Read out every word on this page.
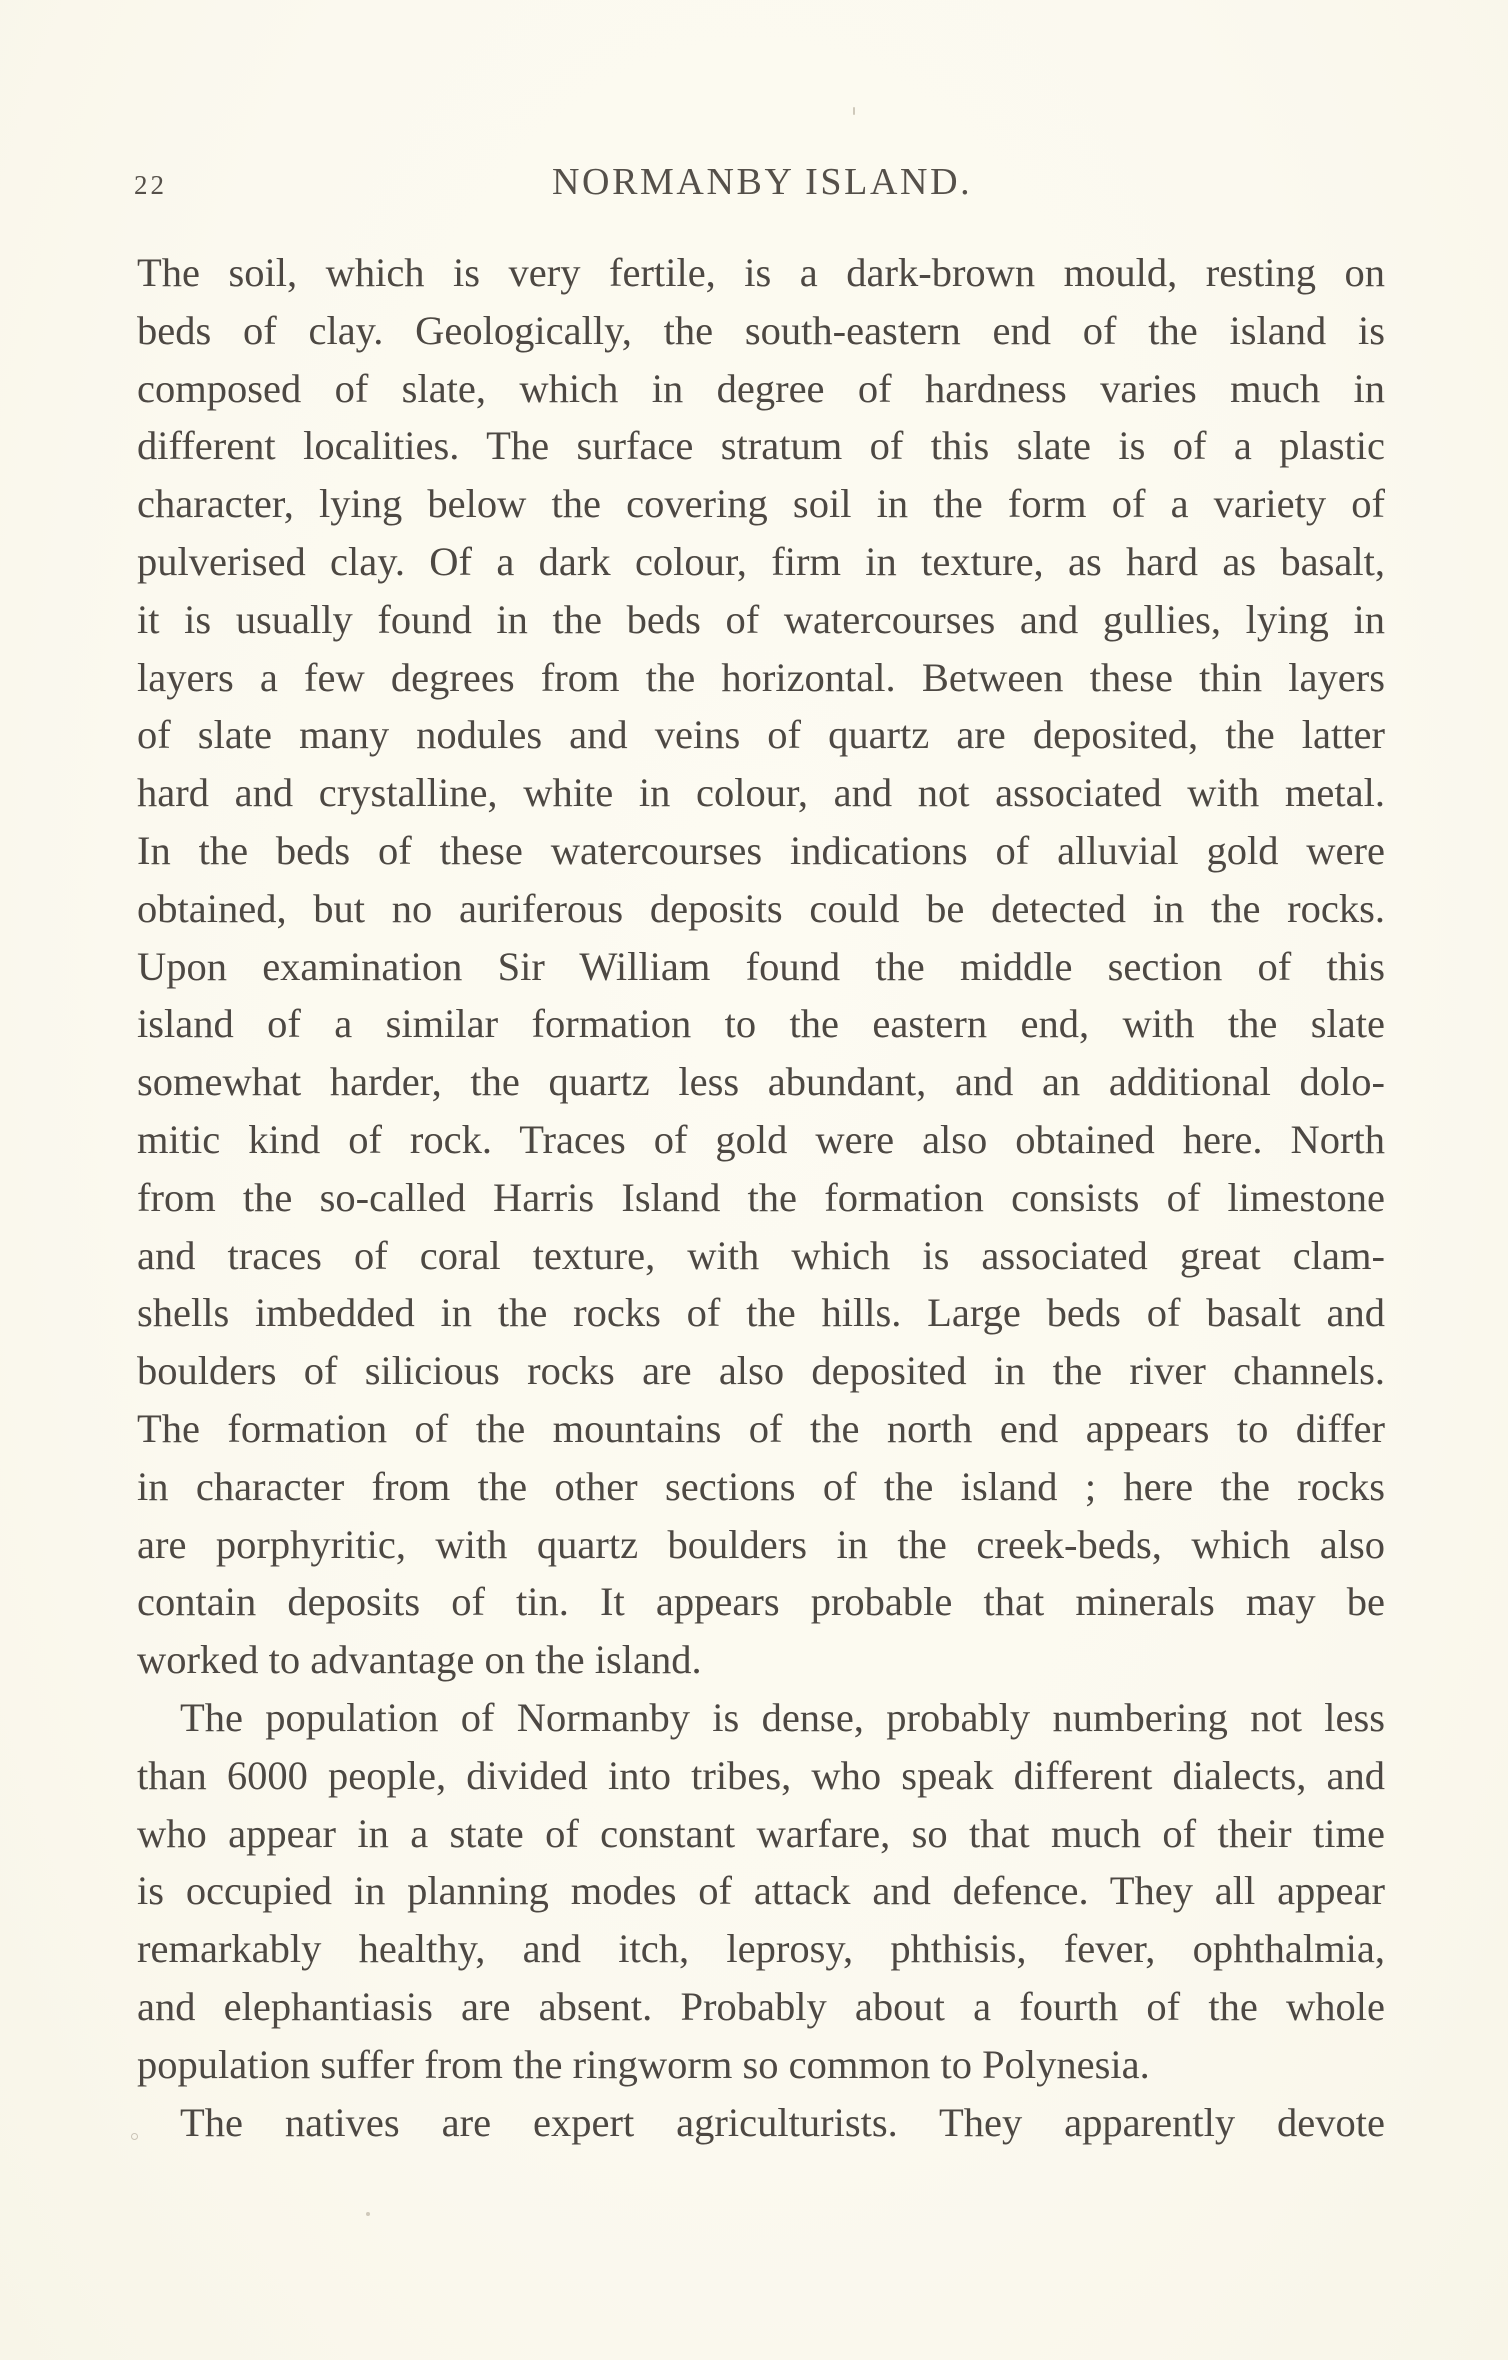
22	NORMANBY ISLAND.
The soil, which is very fertile, is a dark-brown mould, resting on
beds of clay. Geologically, the south-eastern end of the island is
composed of slate, which in degree of hardness varies much in
different localities. The surface stratum of this slate is of a plastic
character, lying below the covering soil in the form of a variety of
pulverised clay. Of a dark colour, firm in texture, as hard as basalt,
it is usually found in the beds of watercourses and gullies, lying in
layers a few degrees from the horizontal. Between these thin layers
of slate many nodules and veins of quartz are deposited, the latter
hard and crystalline, white in colour, and not associated with metal.
In the beds of these watercourses indications of alluvial gold were
obtained, but no auriferous deposits could be detected in the rocks.
Upon examination Sir William found the middle section of this
island of a similar formation to the eastern end, with the slate
somewhat harder, the quartz less abundant, and an additional dolo-
mitic kind of rock. Traces of gold were also obtained here. North
from the so-called Harris Island the formation consists of limestone
and traces of coral texture, with which is associated great clam-
shells imbedded in the rocks of the hills. Large beds of basalt and
boulders of silicious rocks are also deposited in the river channels.
The formation of the mountains of the north end appears to differ
in character from the other sections of the island ; here the rocks
are porphyritic, with quartz boulders in the creek-beds, which also
contain deposits of tin. It appears probable that minerals may be
worked to advantage on the island.
The population of Normanby is dense, probably numbering not less
than 6000 people, divided into tribes, who speak different dialects, and
who appear in a state of constant warfare, so that much of their time
is occupied in planning modes of attack and defence. They all appear
remarkably healthy, and itch, leprosy, phthisis, fever, ophthalmia,
and elephantiasis are absent. Probably about a fourth of the whole
population suffer from the ringworm so common to Polynesia.
The natives are expert agriculturists. They apparently devote
